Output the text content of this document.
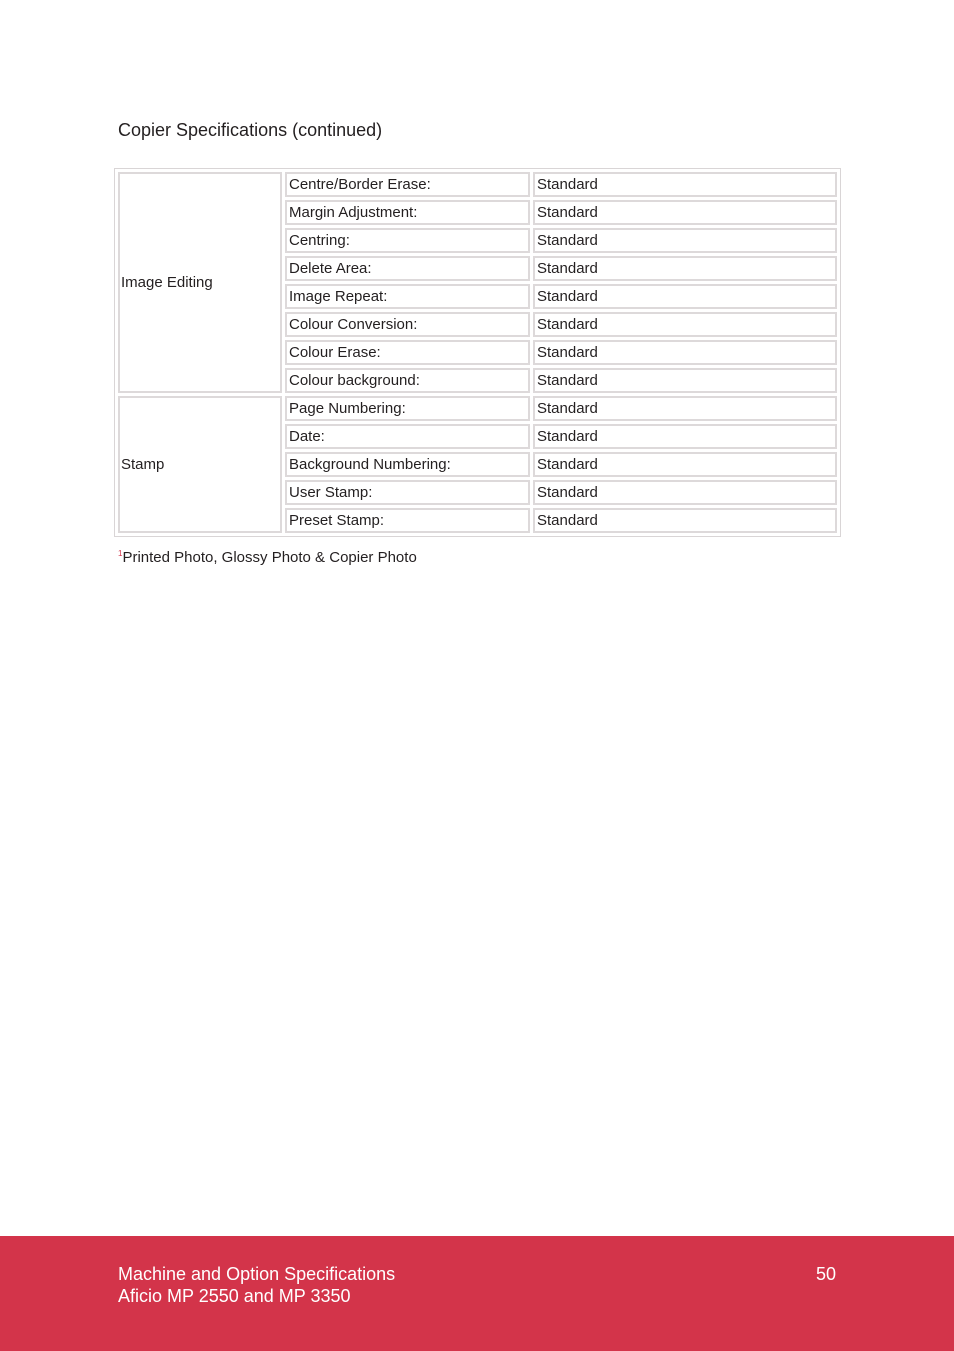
Copier Specifications (continued)
Image Editing	Centre/Border Erase:	Standard
	Margin Adjustment:	Standard
	Centring:	Standard
	Delete Area:	Standard
	Image Repeat:	Standard
	Colour Conversion:	Standard
	Colour Erase:	Standard
	Colour background:	Standard
Stamp	Page Numbering:	Standard
	Date:	Standard
	Background Numbering:	Standard
	User Stamp:	Standard
	Preset Stamp:	Standard
$^1$Printed Photo, Glossy Photo & Copier Photo
Machine and Option Specifications
Aficio MP 2550 and MP 3350
50
